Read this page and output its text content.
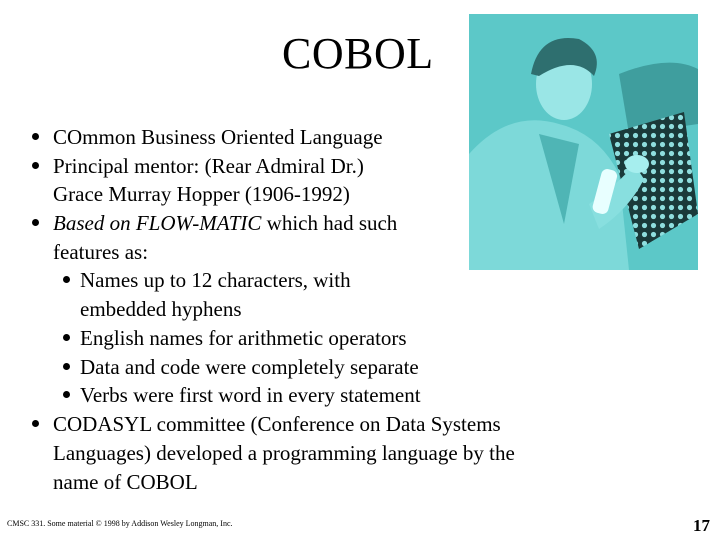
COBOL
COmmon Business Oriented Language
Principal mentor: (Rear Admiral Dr.)
Grace Murray Hopper (1906-1992)
Based on FLOW-MATIC which had such
features as:
Names up to 12 characters, with
embedded hyphens
English names for arithmetic operators
Data and code were completely separate
Verbs were first word in every statement
CODASYL committee (Conference on Data Systems
Languages) developed a programming language by the
name of COBOL
CMSC 331. Some material © 1998 by Addison Wesley Longman, Inc.	17
